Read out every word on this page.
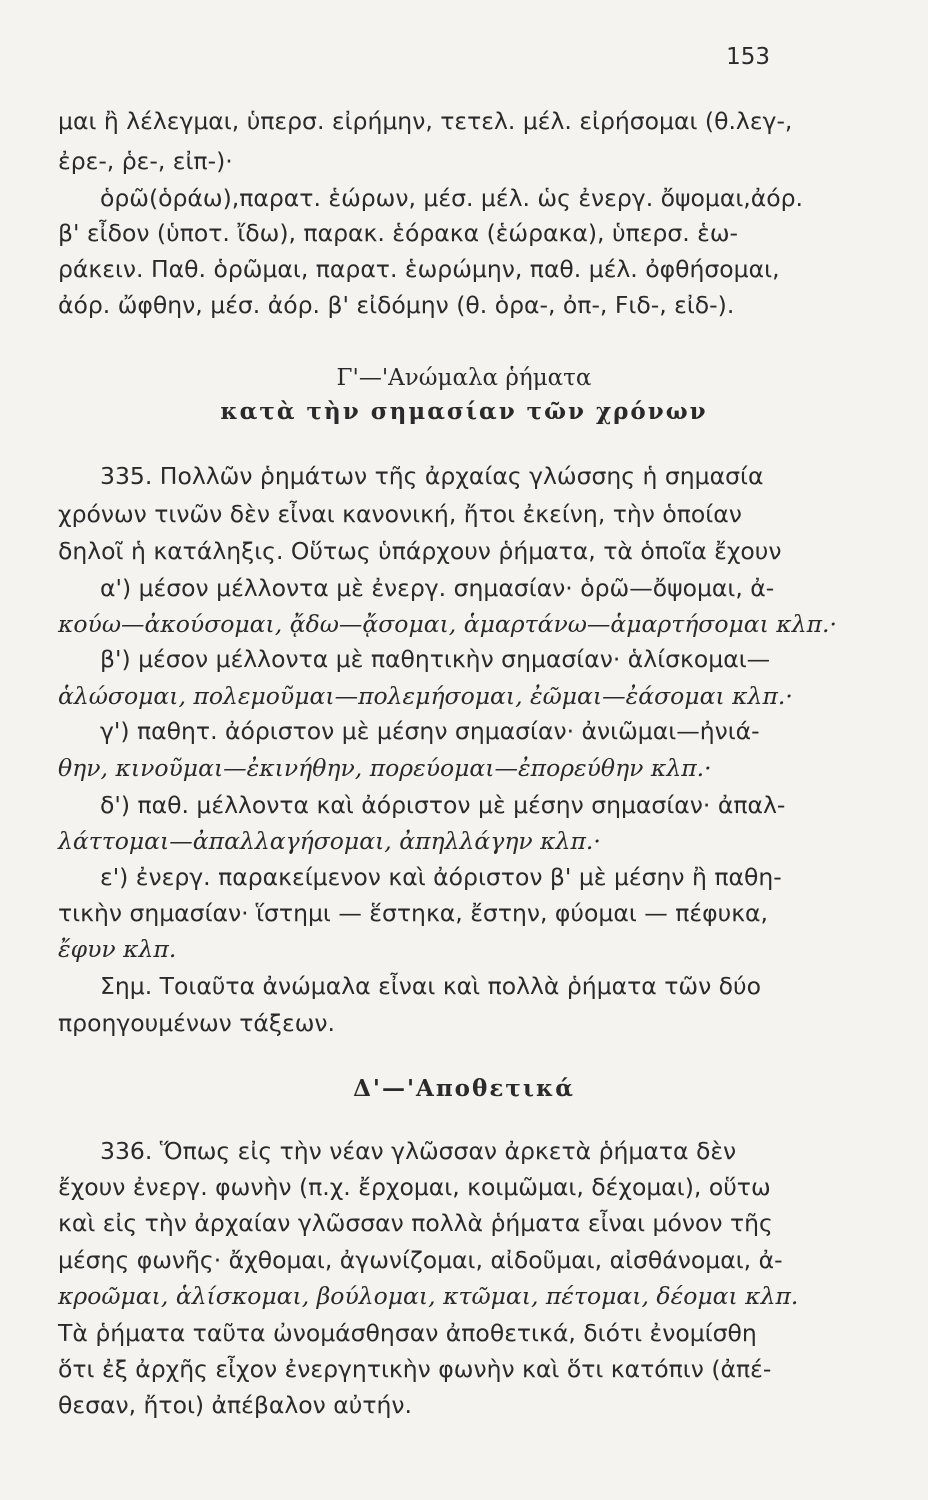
153
μαι ἢ λέλεγμαι, ὑπερσ. εἰρήμην, τετελ. μέλ. εἰρήσομαι (θ.λεγ-,
ἐρε-, ῥε-, εἰπ-)·
ὁρῶ(ὁράω),παρατ. ἑώρων, μέσ. μέλ. ὡς ἐνεργ. ὄψομαι,ἀόρ.
β' εἶδον (ὑποτ. ἴδω), παρακ. ἑόρακα (ἑώρακα), ὑπερσ. ἑω-
ράκειν. Παθ. ὁρῶμαι, παρατ. ἑωρώμην, παθ. μέλ. ὀφθήσομαι,
ἀόρ. ὤφθην, μέσ. ἀόρ. β' εἰδόμην (θ. ὁρα-, ὀπ-, Ϝιδ-, εἰδ-).
Γ'—'Ανώμαλα ῥήματα
κατὰ τὴν σημασίαν τῶν χρόνων
335. Πολλῶν ῥημάτων τῆς ἀρχαίας γλώσσης ἡ σημασία
χρόνων τινῶν δὲν εἶναι κανονική, ἤτοι ἐκείνη, τὴν ὁποίαν
δηλοῖ ἡ κατάληξις. Οὕτως ὑπάρχουν ῥήματα, τὰ ὁποῖα ἔχουν
α') μέσον μέλλοντα μὲ ἐνεργ. σημασίαν· ὁρῶ—ὄψομαι, ἀ-
κούω—ἀκούσομαι, ᾄδω—ᾄσομαι, ἁμαρτάνω—ἁμαρτήσομαι κλπ.·
β') μέσον μέλλοντα μὲ παθητικὴν σημασίαν· ἁλίσκομαι—
ἁλώσομαι, πολεμοῦμαι—πολεμήσομαι, ἐῶμαι—ἐάσομαι κλπ.·
γ') παθητ. ἀόριστον μὲ μέσην σημασίαν· ἀνιῶμαι—ἠνιά-
θην, κινοῦμαι—ἐκινήθην, πορεύομαι—ἐπορεύθην κλπ.·
δ') παθ. μέλλοντα καὶ ἀόριστον μὲ μέσην σημασίαν· ἀπαλ-
λάττομαι—ἀπαλλαγήσομαι, ἀπηλλάγην κλπ.·
ε') ἐνεργ. παρακείμενον καὶ ἀόριστον β' μὲ μέσην ἢ παθη-
τικὴν σημασίαν· ἵστημι — ἕστηκα, ἔστην, φύομαι — πέφυκα,
ἔφυν κλπ.
Σημ. Τοιαῦτα ἀνώμαλα εἶναι καὶ πολλὰ ῥήματα τῶν δύο
προηγουμένων τάξεων.
Δ'—'Αποθετικά
336. Ὅπως εἰς τὴν νέαν γλῶσσαν ἀρκετὰ ῥήματα δὲν
ἔχουν ἐνεργ. φωνὴν (π.χ. ἔρχομαι, κοιμῶμαι, δέχομαι), οὕτω
καὶ εἰς τὴν ἀρχαίαν γλῶσσαν πολλὰ ῥήματα εἶναι μόνον τῆς
μέσης φωνῆς· ἄχθομαι, ἀγωνίζομαι, αἰδοῦμαι, αἰσθάνομαι, ἀ-
κροῶμαι, ἁλίσκομαι, βούλομαι, κτῶμαι, πέτομαι, δέομαι κλπ.
Τὰ ῥήματα ταῦτα ὠνομάσθησαν ἀποθετικά, διότι ἐνομίσθη
ὅτι ἐξ ἀρχῆς εἶχον ἐνεργητικὴν φωνὴν καὶ ὅτι κατόπιν (ἀπέ-
θεσαν, ἤτοι) ἀπέβαλον αὐτήν.
